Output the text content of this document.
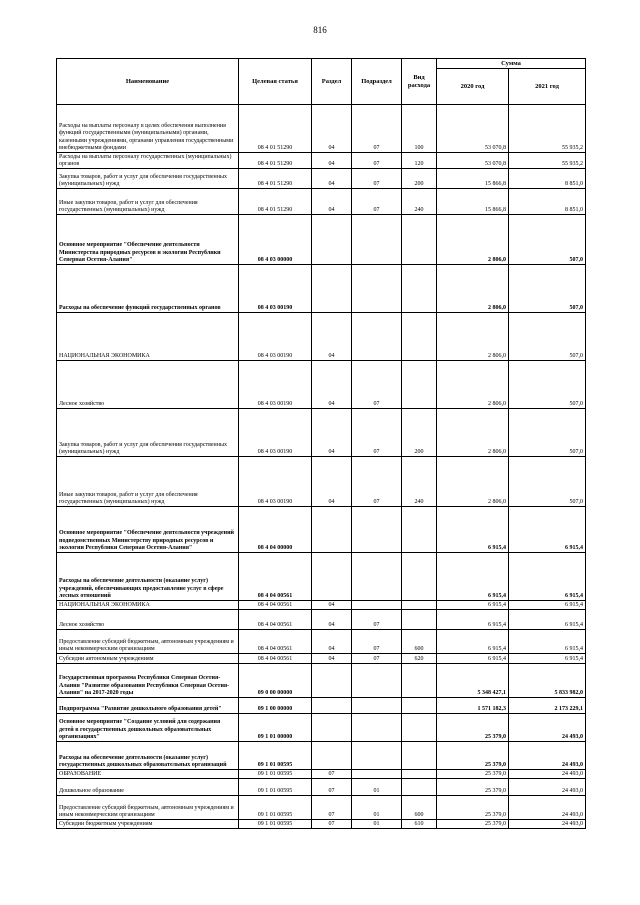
816
Наименование	Целевая статья	Раздел	Подраздел	Вид расхода	Сумма	
					2020 год	2021 год
Расходы на выплаты персоналу в целях обеспечения выполнения функций государственными (муниципальными) органами, казенными учреждениями, органами управления государственными внебюджетными фондами	08 4 01 51290	04	07	100	53 070,8	55 935,2
Расходы на выплаты персоналу государственных (муниципальных) органов	08 4 01 51290	04	07	120	53 070,8	55 935,2
Закупка товаров, работ и услуг для обеспечения государственных (муниципальных) нужд	08 4 01 51290	04	07	200	15 866,8	8 851,0
Иные закупки товаров, работ и услуг для обеспечения государственных (муниципальных) нужд	08 4 01 51290	04	07	240	15 866,8	8 851,0
Основное мероприятие "Обеспечение деятельности Министерства природных ресурсов и экологии Республики Северная Осетия-Алания"	08 4 03 00000				2 806,0	507,0
Расходы на обеспечение функций государственных органов	08 4 03 00190				2 806,0	507,0
НАЦИОНАЛЬНАЯ ЭКОНОМИКА	08 4 03 00190	04			2 806,0	507,0
Лесное хозяйство	08 4 03 00190	04	07		2 806,0	507,0
Закупка товаров, работ и услуг для обеспечения государственных (муниципальных) нужд	08 4 03 00190	04	07	200	2 806,0	507,0
Иные закупки товаров, работ и услуг для обеспечения государственных (муниципальных) нужд	08 4 03 00190	04	07	240	2 806,0	507,0
Основное мероприятие "Обеспечение деятельности учреждений подведомственных Министерству природных ресурсов и экологии Республики Северная Осетия-Алания"	08 4 04 00000				6 915,4	6 915,4
Расходы на обеспечение деятельности (оказание услуг) учреждений, обеспечивающих предоставление услуг в сфере лесных отношений	08 4 04 00561				6 915,4	6 915,4
НАЦИОНАЛЬНАЯ ЭКОНОМИКА	08 4 04 00561	04			6 915,4	6 915,4
Лесное хозяйство	08 4 04 00561	04	07		6 915,4	6 915,4
Предоставление субсидий бюджетным, автономным учреждениям и иным некоммерческим организациям	08 4 04 00561	04	07	600	6 915,4	6 915,4
Субсидии автономным учреждениям	08 4 04 00561	04	07	620	6 915,4	6 915,4
Государственная программа Республики Северная Осетия-Алания "Развитие образования Республики Северная Осетия-Алания" на 2017-2020 годы	09 0 00 00000				5 348 427,1	5 833 982,0
Подпрограмма "Развитие дошкольного образования детей"	09 1 00 00000				1 571 182,3	2 173 229,1
Основное мероприятие "Создание условий для содержания детей в государственных дошкольных образовательных организациях"	09 1 01 00000				25 379,0	24 493,0
Расходы на обеспечение деятельности (оказание услуг) государственных дошкольных образовательных организаций	09 1 01 00595				25 379,0	24 493,0
ОБРАЗОВАНИЕ	09 1 01 00595	07			25 379,0	24 493,0
Дошкольное образование	09 1 01 00595	07	01		25 379,0	24 493,0
Предоставление субсидий бюджетным, автономным учреждениям и иным некоммерческим организациям	09 1 01 00595	07	01	600	25 379,0	24 493,0
Субсидии бюджетным учреждениям	09 1 01 00595	07	01	610	25 379,0	24 493,0
